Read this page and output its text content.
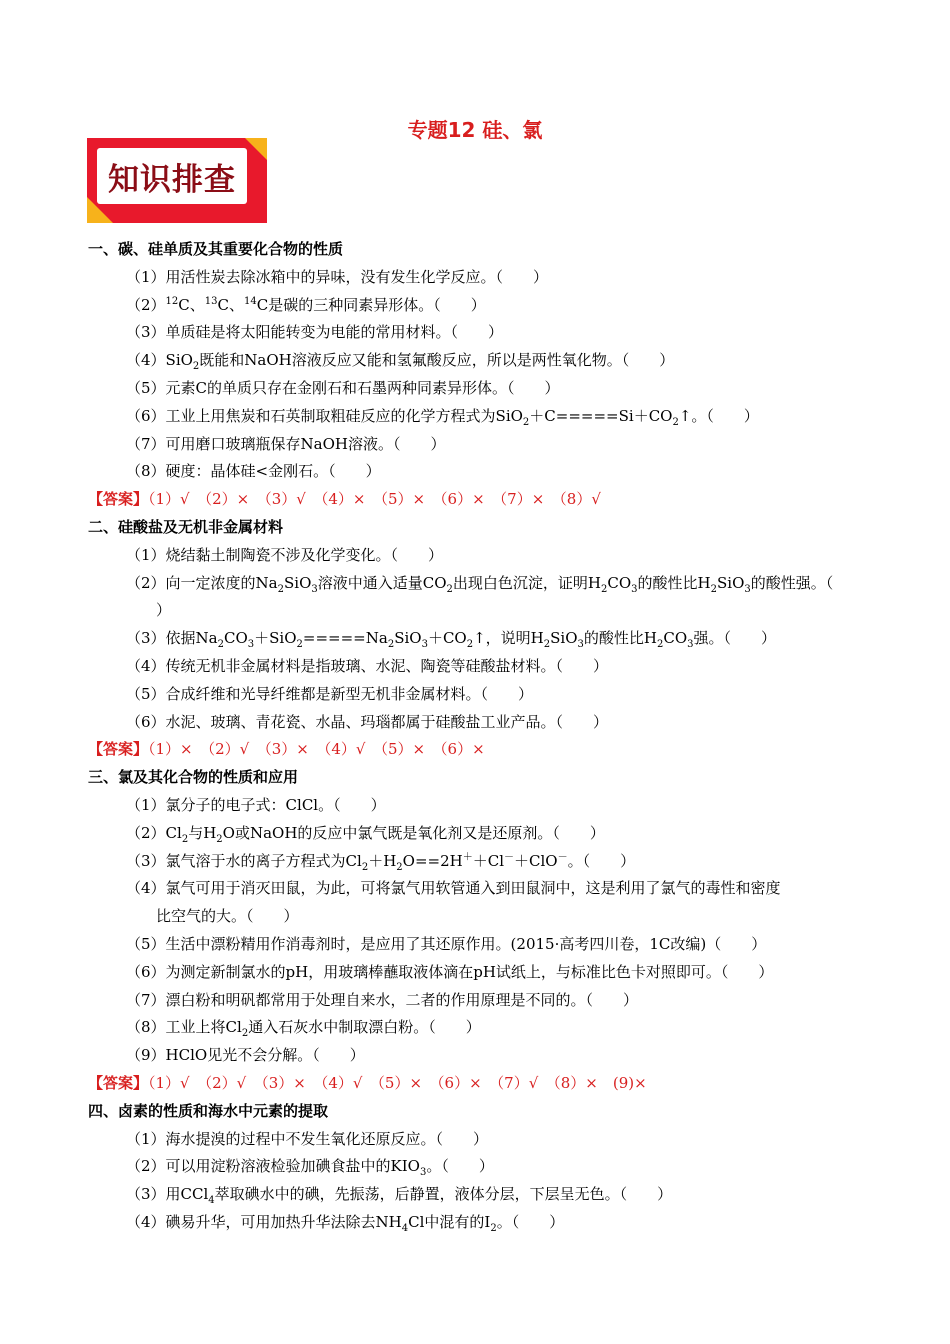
专题12 硅、氯
知识排查
一、碳、硅单质及其重要化合物的性质
（1）用活性炭去除冰箱中的异味，没有发生化学反应。（　　）
$(2)^{12}C$、$^{13}$C、$^{14}$C是碳的三种同素异形体。（　　）
（3）单质硅是将太阳能转变为电能的常用材料。（　　）
（4）SiO$_2$既能和NaOH溶液反应又能和氢氟酸反应，所以是两性氧化物。（　　）
（5）元素C的单质只存在金刚石和石墨两种同素异形体。（　　）
（6）工业上用焦炭和石英制取粗硅反应的化学方程式为$SiO_2+C=====Si+CO_2↑$。（　　）
（7）可用磨口玻璃瓶保存NaOH溶液。（　　）
（8）硬度：晶体硅<金刚石。（　　）
【答案】（1）√　（2）×　（3）√　（4）×　（5）×　（6）×　（7）×　（8）√
二、硅酸盐及无机非金属材料
（1）烧结黏土制陶瓷不涉及化学变化。（　　）
（2）向一定浓度的$Na_2SiO_3$溶液中通入适量$CO_2$出现白色沉淀，证明$H_2CO_3$的酸性比$H_2SiO_3$的酸性强。（
）
（3）依据$Na_2CO_3+SiO_2=====Na_2SiO_3+CO_2↑$，说明$H_2SiO_3$的酸性比$H_2CO_3$强。（　　）
（4）传统无机非金属材料是指玻璃、水泥、陶瓷等硅酸盐材料。（　　）
（5）合成纤维和光导纤维都是新型无机非金属材料。（　　）
（6）水泥、玻璃、青花瓷、水晶、玛瑙都属于硅酸盐工业产品。（　　）
【答案】（1）×　（2）√　（3）×　（4）√　（5）×　（6）×
三、氯及其化合物的性质和应用
（1）氯分子的电子式：ClCl。（　　）
$(2)Cl_2$与$H_2O$或NaOH的反应中氯气既是氧化剂又是还原剂。（　　）
（3）氯气溶于水的离子方程式为$Cl_2+H_2O==2H^++Cl^-+ClO^-$。（　　）
（4）氯气可用于消灭田鼠，为此，可将氯气用软管通入到田鼠洞中，这是利用了氯气的毒性和密度
比空气的大。（　　）
（5）生活中漂粉精用作消毒剂时，是应用了其还原作用。(2015·高考四川卷，1C改编)（　　）
（6）为测定新制氯水的pH，用玻璃棒蘸取液体滴在pH试纸上，与标准比色卡对照即可。（　　）
（7）漂白粉和明矾都常用于处理自来水，二者的作用原理是不同的。（　　）
（8）工业上将$Cl_2$通入石灰水中制取漂白粉。（　　）
（9）HClO见光不会分解。（　　）
【答案】（1）√　（2）√　（3）×　（4）√　（5）×　（6）×　（7）√　（8）×　(9)×
四、卤素的性质和海水中元素的提取
（1）海水提溴的过程中不发生氧化还原反应。（　　）
（2）可以用淀粉溶液检验加碘食盐中的$KIO_3$。（　　）
（3）用CCl$_4$萃取碘水中的碘，先振荡，后静置，液体分层，下层呈无色。（　　）
（4）碘易升华，可用加热升华法除去$NH_4Cl$中混有的$I_2$。（　　）
